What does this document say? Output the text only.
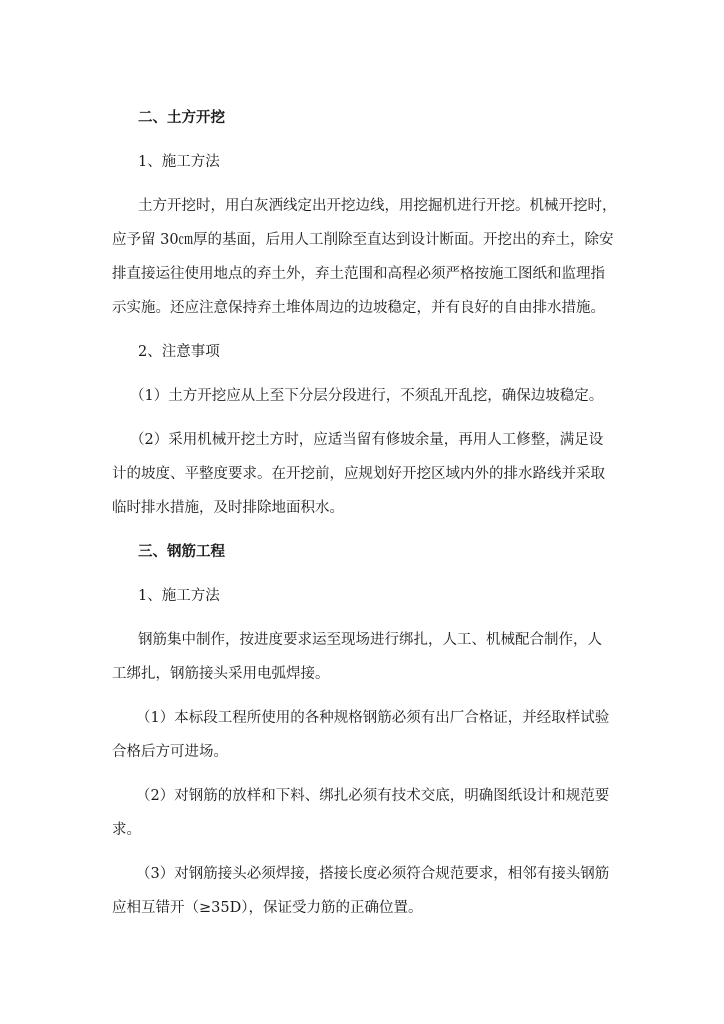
二、土方开挖
1、施工方法
土方开挖时，用白灰洒线定出开挖边线，用挖掘机进行开挖。机械开挖时，
应予留 30㎝厚的基面，后用人工削除至直达到设计断面。开挖出的弃土，除安
排直接运往使用地点的弃土外，弃土范围和高程必须严格按施工图纸和监理指
示实施。还应注意保持弃土堆体周边的边坡稳定，并有良好的自由排水措施。
2、注意事项
（1）土方开挖应从上至下分层分段进行，不须乱开乱挖，确保边坡稳定。
（2）采用机械开挖土方时，应适当留有修坡余量，再用人工修整，满足设
计的坡度、平整度要求。在开挖前，应规划好开挖区域内外的排水路线并采取
临时排水措施，及时排除地面积水。
三、钢筋工程
1、施工方法
钢筋集中制作，按进度要求运至现场进行绑扎，人工、机械配合制作，人
工绑扎，钢筋接头采用电弧焊接。
（1）本标段工程所使用的各种规格钢筋必须有出厂合格证，并经取样试验
合格后方可进场。
（2）对钢筋的放样和下料、绑扎必须有技术交底，明确图纸设计和规范要
求。
（3）对钢筋接头必须焊接，搭接长度必须符合规范要求，相邻有接头钢筋
应相互错开（≥35D），保证受力筋的正确位置。
